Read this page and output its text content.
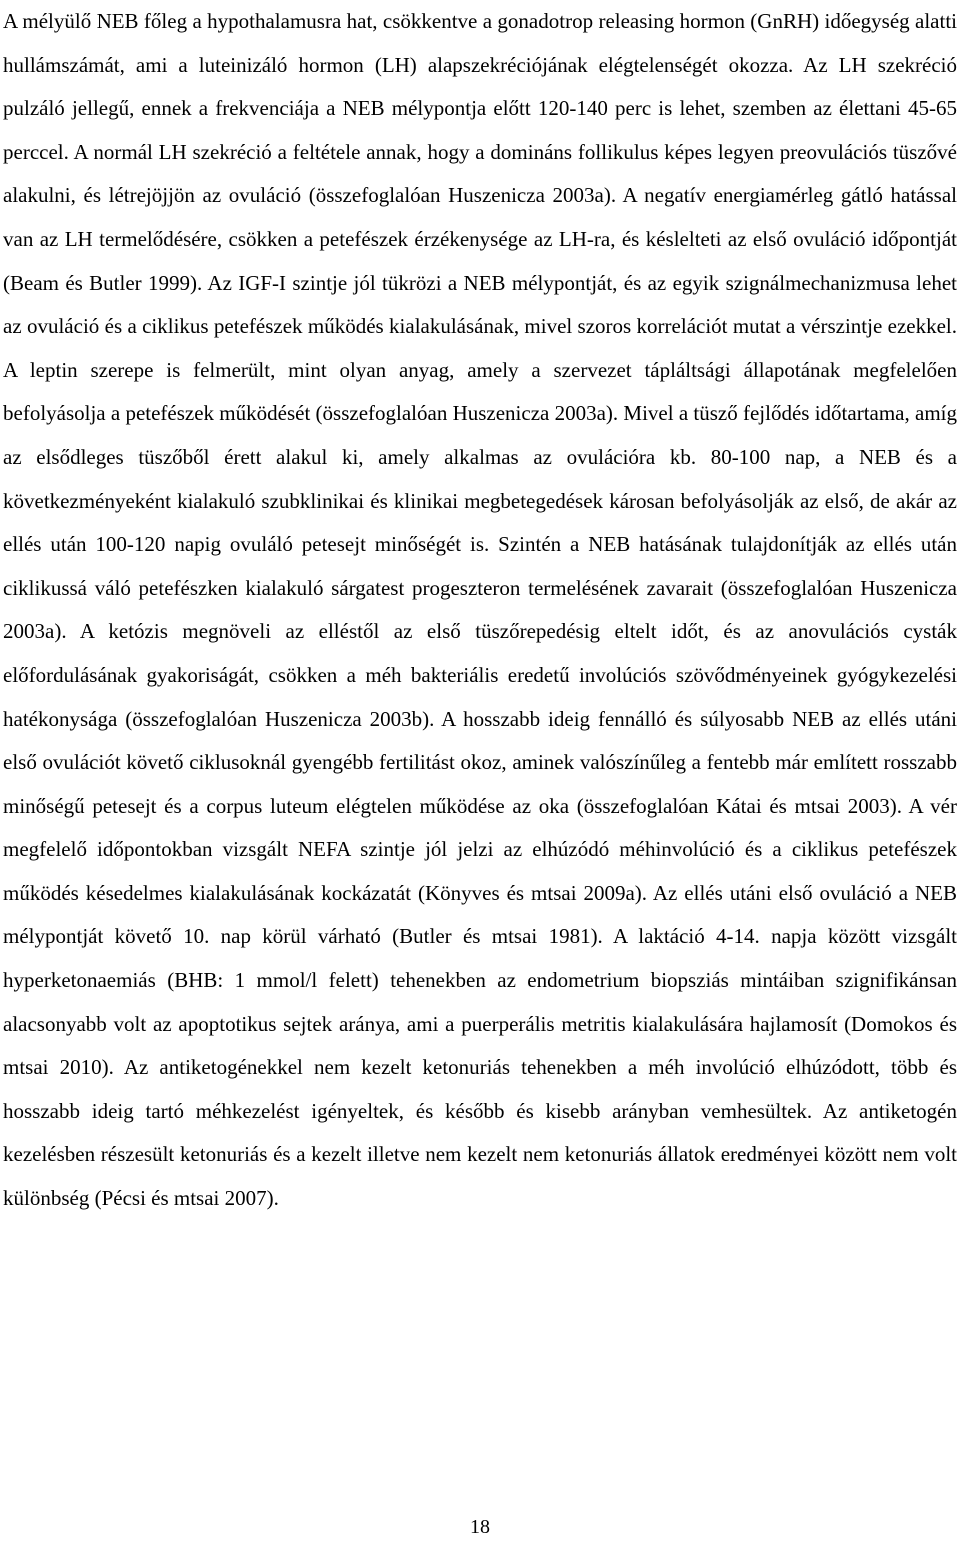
A mélyülő NEB főleg a hypothalamusra hat, csökkentve a gonadotrop releasing hormon (GnRH) időegység alatti hullámszámát, ami a luteinizáló hormon (LH) alapszekréciójának elégtelenségét okozza. Az LH szekréció pulzáló jellegű, ennek a frekvenciája a NEB mélypontja előtt 120-140 perc is lehet, szemben az élettani 45-65 perccel. A normál LH szekréció a feltétele annak, hogy a domináns follikulus képes legyen preovulációs tüszővé alakulni, és létrejöjjön az ovuláció (összefoglalóan Huszenicza 2003a). A negatív energiamérleg gátló hatással van az LH termelődésére, csökken a petefészek érzékenysége az LH-ra, és késlelteti az első ovuláció időpontját (Beam és Butler 1999). Az IGF-I szintje jól tükrözi a NEB mélypontját, és az egyik szignálmechanizmusa lehet az ovuláció és a ciklikus petefészek működés kialakulásának, mivel szoros korrelációt mutat a vérszintje ezekkel. A leptin szerepe is felmerült, mint olyan anyag, amely a szervezet tápláltsági állapotának megfelelően befolyásolja a petefészek működését (összefoglalóan Huszenicza 2003a). Mivel a tüsző fejlődés időtartama, amíg az elsődleges tüszőből érett alakul ki, amely alkalmas az ovulációra kb. 80-100 nap, a NEB és a következményeként kialakuló szubklinikai és klinikai megbetegedések károsan befolyásolják az első, de akár az ellés után 100-120 napig ovuláló petesejt minőségét is. Szintén a NEB hatásának tulajdonítják az ellés után ciklikussá váló petefészken kialakuló sárgatest progeszteron termelésének zavarait (összefoglalóan Huszenicza 2003a). A ketózis megnöveli az elléstől az első tüszőrepedésig eltelt időt, és az anovulációs cysták előfordulásának gyakoriságát, csökken a méh bakteriális eredetű involúciós szövődményeinek gyógykezelési hatékonysága (összefoglalóan Huszenicza 2003b). A hosszabb ideig fennálló és súlyosabb NEB az ellés utáni első ovulációt követő ciklusoknál gyengébb fertilitást okoz, aminek valószínűleg a fentebb már említett rosszabb minőségű petesejt és a corpus luteum elégtelen működése az oka (összefoglalóan Kátai és mtsai 2003). A vér megfelelő időpontokban vizsgált NEFA szintje jól jelzi az elhúzódó méhinvolúció és a ciklikus petefészek működés késedelmes kialakulásának kockázatát (Könyves és mtsai 2009a). Az ellés utáni első ovuláció a NEB mélypontját követő 10. nap körül várható (Butler és mtsai 1981). A laktáció 4-14. napja között vizsgált hyperketonaemiás (BHB: 1 mmol/l felett) tehenekben az endometrium biopsziás mintáiban szignifikánsan alacsonyabb volt az apoptotikus sejtek aránya, ami a puerperális metritis kialakulására hajlamosít (Domokos és mtsai 2010). Az antiketogénekkel nem kezelt ketonuriás tehenekben a méh involúció elhúzódott, több és hosszabb ideig tartó méhkezelést igényeltek, és később és kisebb arányban vemhesültek. Az antiketogén kezelésben részesült ketonuriás és a kezelt illetve nem kezelt nem ketonuriás állatok eredményei között nem volt különbség (Pécsi és mtsai 2007).

18
